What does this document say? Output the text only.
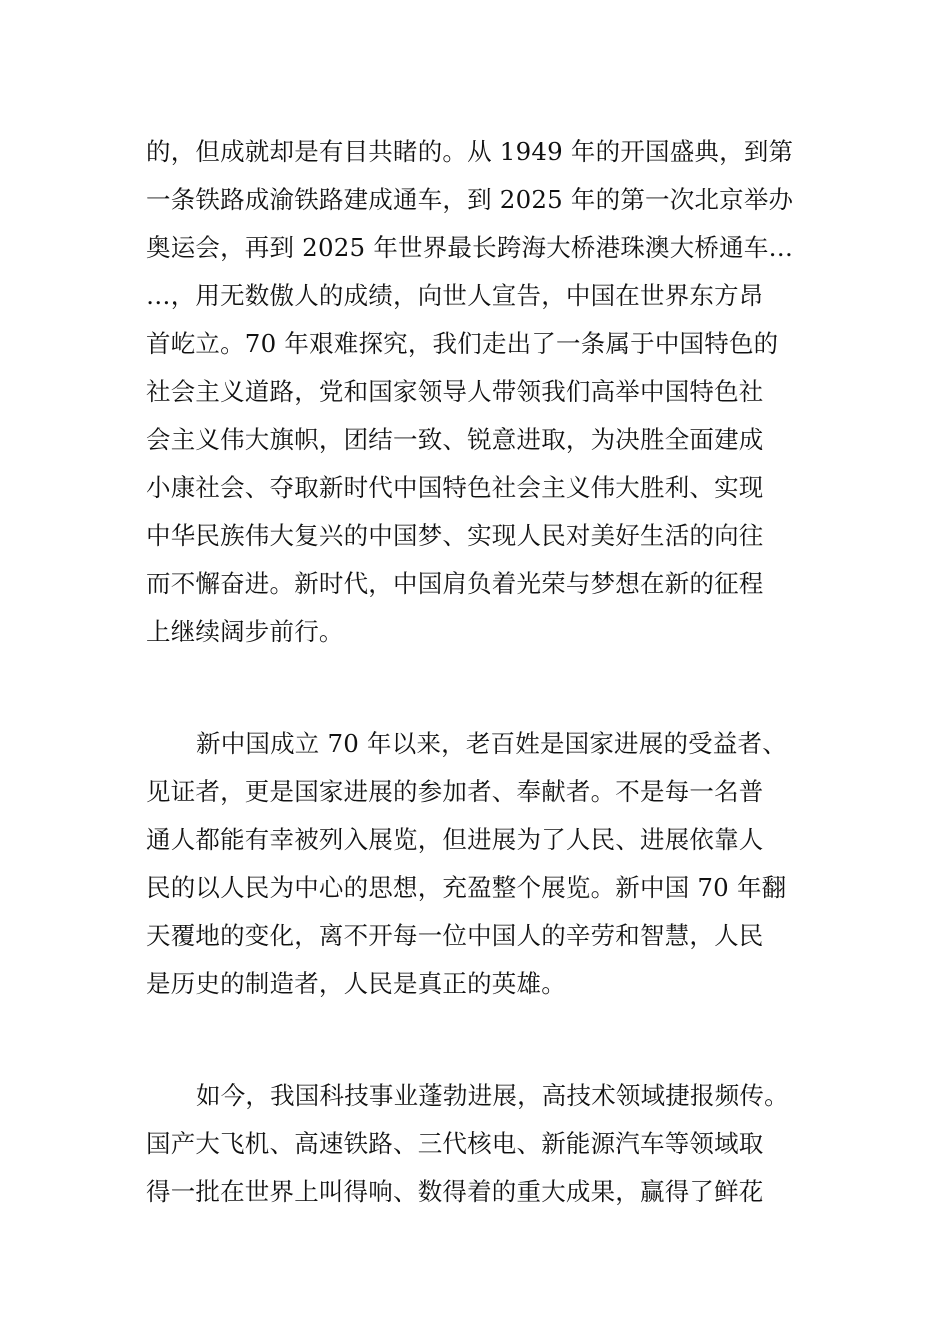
的，但成就却是有目共睹的。从 1949 年的开国盛典，到第
一条铁路成渝铁路建成通车，到 2025 年的第一次北京举办
奥运会，再到 2025 年世界最长跨海大桥港珠澳大桥通车…
…，用无数傲人的成绩，向世人宣告，中国在世界东方昂
首屹立。70 年艰难探究，我们走出了一条属于中国特色的
社会主义道路，党和国家领导人带领我们高举中国特色社
会主义伟大旗帜，团结一致、锐意进取，为决胜全面建成
小康社会、夺取新时代中国特色社会主义伟大胜利、实现
中华民族伟大复兴的中国梦、实现人民对美好生活的向往
而不懈奋进。新时代，中国肩负着光荣与梦想在新的征程
上继续阔步前行。
新中国成立 70 年以来，老百姓是国家进展的受益者、
见证者，更是国家进展的参加者、奉献者。不是每一名普
通人都能有幸被列入展览，但进展为了人民、进展依靠人
民的以人民为中心的思想，充盈整个展览。新中国 70 年翻
天覆地的变化，离不开每一位中国人的辛劳和智慧，人民
是历史的制造者，人民是真正的英雄。
如今，我国科技事业蓬勃进展，高技术领域捷报频传。
国产大飞机、高速铁路、三代核电、新能源汽车等领域取
得一批在世界上叫得响、数得着的重大成果，赢得了鲜花
